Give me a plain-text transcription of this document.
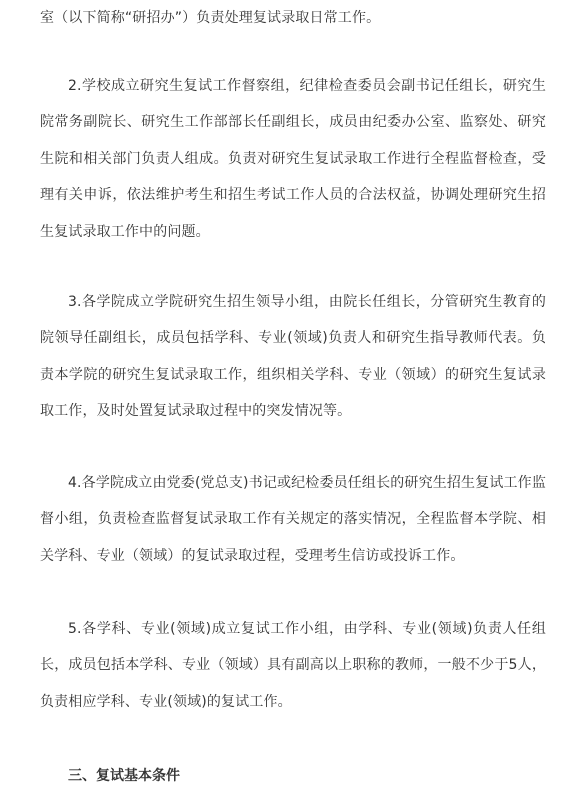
室（以下简称“研招办”）负责处理复试录取日常工作。

2.学校成立研究生复试工作督察组，纪律检查委员会副书记任组长，研究生院常务副院长、研究生工作部部长任副组长，成员由纪委办公室、监察处、研究生院和相关部门负责人组成。负责对研究生复试录取工作进行全程监督检查，受理有关申诉，依法维护考生和招生考试工作人员的合法权益，协调处理研究生招生复试录取工作中的问题。

3.各学院成立学院研究生招生领导小组，由院长任组长，分管研究生教育的院领导任副组长，成员包括学科、专业(领域)负责人和研究生指导教师代表。负责本学院的研究生复试录取工作，组织相关学科、专业（领域）的研究生复试录取工作，及时处置复试录取过程中的突发情况等。

4.各学院成立由党委(党总支)书记或纪检委员任组长的研究生招生复试工作监督小组，负责检查监督复试录取工作有关规定的落实情况，全程监督本学院、相关学科、专业（领域）的复试录取过程，受理考生信访或投诉工作。

5.各学科、专业(领域)成立复试工作小组，由学科、专业(领域)负责人任组长，成员包括本学科、专业（领域）具有副高以上职称的教师，一般不少于5人，负责相应学科、专业(领域)的复试工作。

三、复试基本条件
